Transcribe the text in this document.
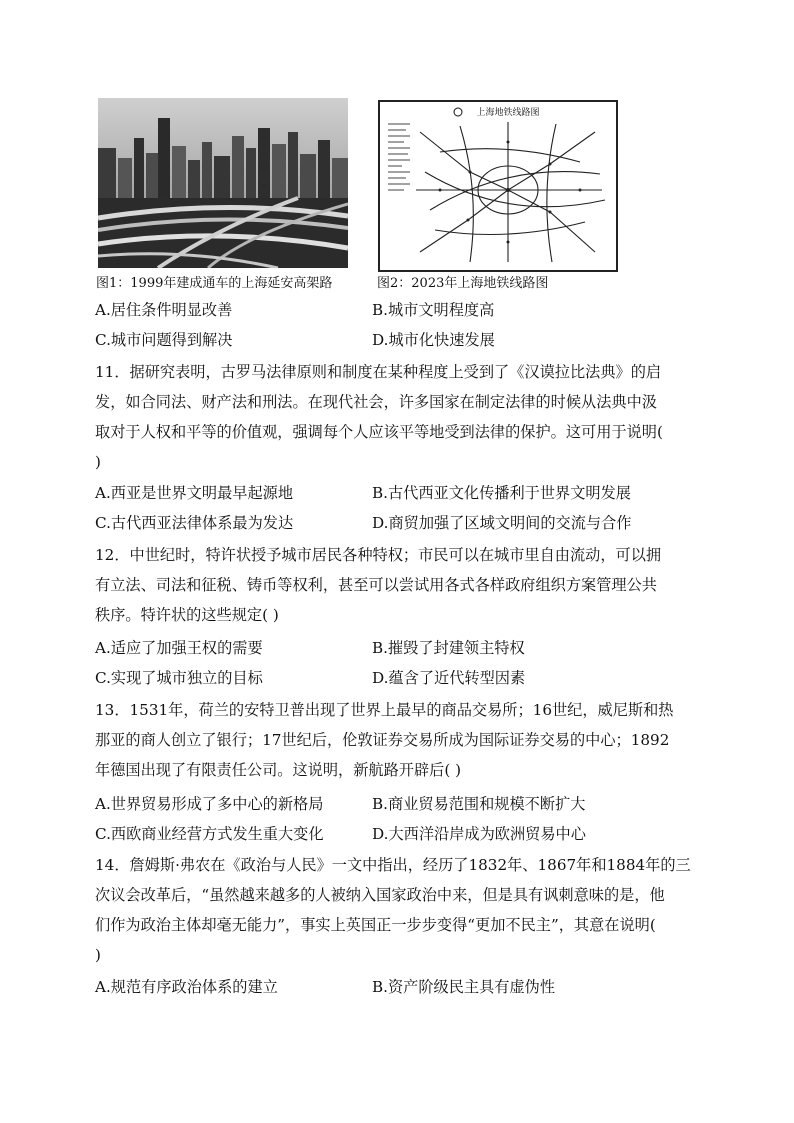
图1：1999年建成通车的上海延安高架路
上海地铁线路图
图2：2023年上海地铁线路图
A.居住条件明显改善	B.城市文明程度高
C.城市问题得到解决	D.城市化快速发展
11．据研究表明，古罗马法律原则和制度在某种程度上受到了《汉谟拉比法典》的启
发，如合同法、财产法和刑法。在现代社会，许多国家在制定法律的时候从法典中汲
取对于人权和平等的价值观，强调每个人应该平等地受到法律的保护。这可用于说明(
)
A.西亚是世界文明最早起源地	B.古代西亚文化传播利于世界文明发展
C.古代西亚法律体系最为发达	D.商贸加强了区域文明间的交流与合作
12．中世纪时，特许状授予城市居民各种特权；市民可以在城市里自由流动，可以拥
有立法、司法和征税、铸币等权利，甚至可以尝试用各式各样政府组织方案管理公共
秩序。特许状的这些规定( )
A.适应了加强王权的需要	B.摧毁了封建领主特权
C.实现了城市独立的目标	D.蕴含了近代转型因素
13．1531年，荷兰的安特卫普出现了世界上最早的商品交易所；16世纪，威尼斯和热
那亚的商人创立了银行；17世纪后，伦敦证券交易所成为国际证券交易的中心；1892
年德国出现了有限责任公司。这说明，新航路开辟后( )
A.世界贸易形成了多中心的新格局	B.商业贸易范围和规模不断扩大
C.西欧商业经营方式发生重大变化	D.大西洋沿岸成为欧洲贸易中心
14．詹姆斯·弗农在《政治与人民》一文中指出，经历了1832年、1867年和1884年的三
次议会改革后，“虽然越来越多的人被纳入国家政治中来，但是具有讽刺意味的是，他
们作为政治主体却毫无能力”，事实上英国正一步步变得“更加不民主”，其意在说明(
)
A.规范有序政治体系的建立	B.资产阶级民主具有虚伪性
